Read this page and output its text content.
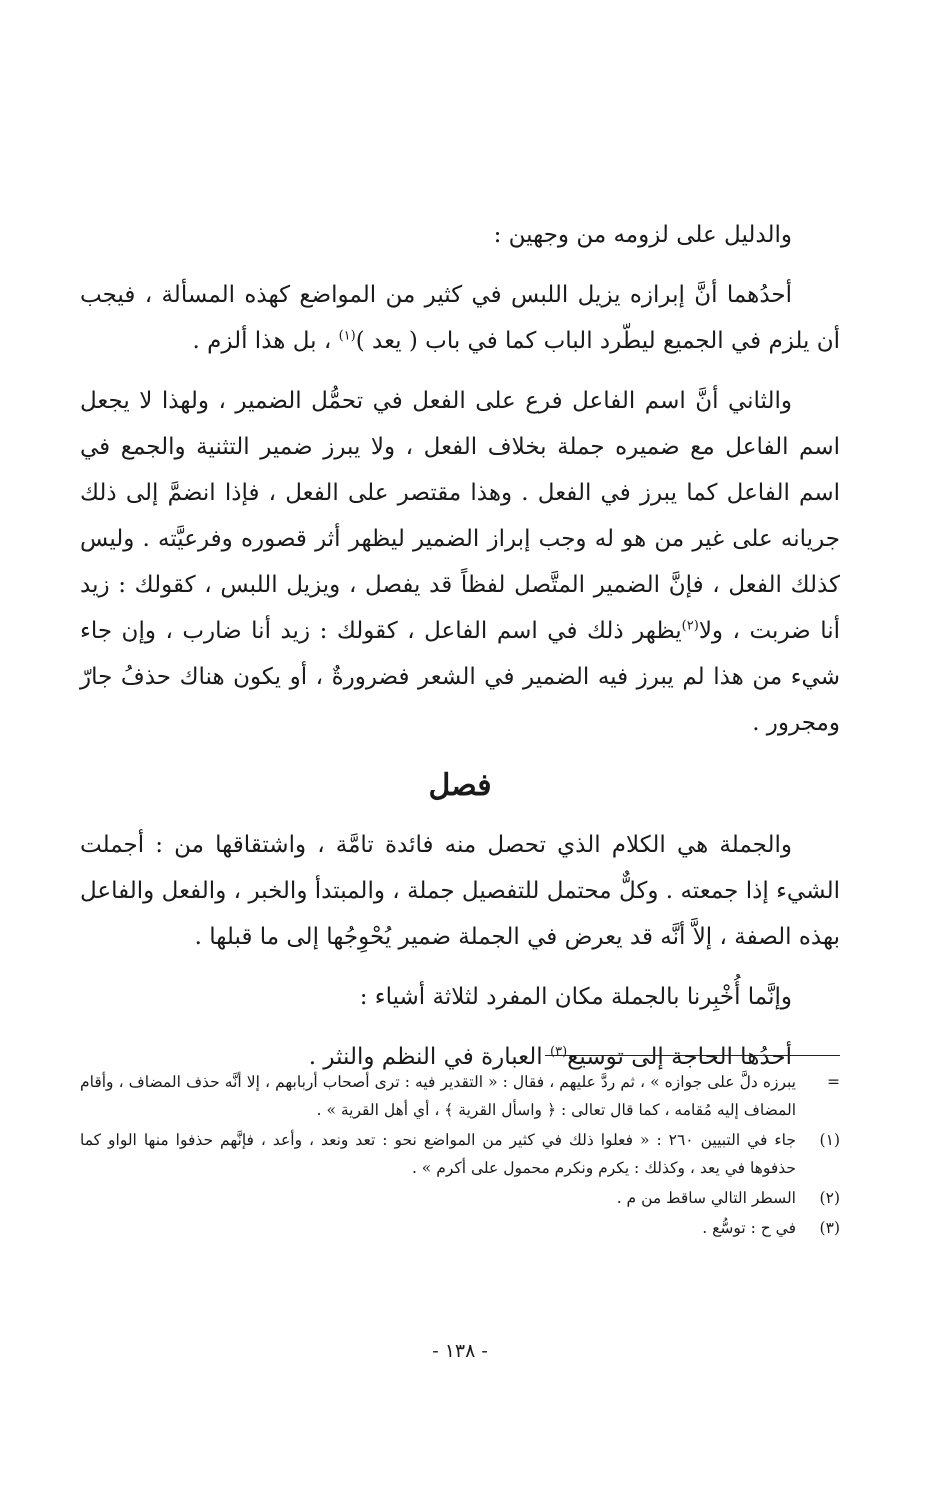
والدليل على لزومه من وجهين :

أحدُهما أنَّ إبرازه يزيل اللبس في كثير من المواضع كهذه المسألة ، فيجب أن يلزم في الجميع ليطّرد الباب كما في باب ( يعد )$^{(١)}$ ، بل هذا ألزم .

والثاني أنَّ اسم الفاعل فرع على الفعل في تحمُّل الضمير ، ولهذا لا يجعل اسم الفاعل مع ضميره جملة بخلاف الفعل ، ولا يبرز ضمير التثنية والجمع في اسم الفاعل كما يبرز في الفعل . وهذا مقتصر على الفعل ، فإذا انضمَّ إلى ذلك جريانه على غير من هو له وجب إبراز الضمير ليظهر أثر قصوره وفرعيَّته . وليس كذلك الفعل ، فإنَّ الضمير المتَّصل لفظاً قد يفصل ، ويزيل اللبس ، كقولك : زيد أنا ضربت ، ولا$^{(٢)}$يظهر ذلك في اسم الفاعل ، كقولك : زيد أنا ضارب ، وإن جاء شيء من هذا لم يبرز فيه الضمير في الشعر فضرورةٌ ، أو يكون هناك حذفُ جارّ ومجرور .

فصل

والجملة هي الكلام الذي تحصل منه فائدة تامَّة ، واشتقاقها من : أجملت الشيء إذا جمعته . وكلٌّ محتمل للتفصيل جملة ، والمبتدأ والخبر ، والفعل والفاعل بهذه الصفة ، إلاَّ أنَّه قد يعرض في الجملة ضمير يُحْوِجُها إلى ما قبلها .

وإنَّما أُخْبِرنا بالجملة مكان المفرد لثلاثة أشياء :

أحدُها الحاجة إلى توسيع$^{(٣)}$ العبارة في النظم والنثر .

=
يبرزه دلَّ على جوازه » ، ثم ردَّ عليهم ، فقال : « التقدير فيه : ترى أصحاب أربابهم ، إلا أنَّه حذف المضاف ، وأقام المضاف إليه مُقامه ، كما قال تعالى : ﴿ واسأل القرية ﴾ ، أي أهل القرية » .
(١)
جاء في التبيين ٢٦٠ : « فعلوا ذلك في كثير من المواضع نحو : تعد ونعد ، وأعد ، فإنَّهم حذفوا منها الواو كما حذفوها في يعد ، وكذلك : يكرم ونكرم محمول على أكرم » .
(٢)
السطر التالي ساقط من م .
(٣)
في ح : توسُّع .
- ١٣٨ -
